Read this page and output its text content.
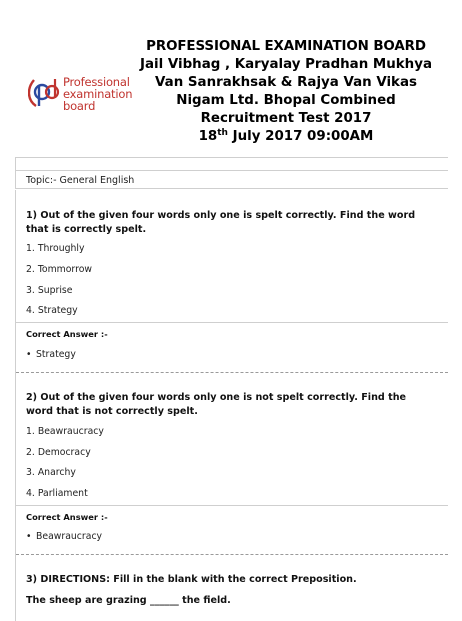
Professional
examination
board
PROFESSIONAL EXAMINATION BOARD
Jail Vibhag , Karyalay Pradhan Mukhya
Van Sanrakhsak & Rajya Van Vikas
Nigam Ltd. Bhopal Combined
Recruitment Test 2017
18th July 2017 09:00AM
Topic:- General English
1) Out of the given four words only one is spelt correctly. Find the word that is correctly spelt.
1. Throughly
2. Tommorrow
3. Suprise
4. Strategy
Correct Answer :-
• Strategy
2) Out of the given four words only one is not spelt correctly. Find the word that is not correctly spelt.
1. Beawraucracy
2. Democracy
3. Anarchy
4. Parliament
Correct Answer :-
• Beawraucracy
3) DIRECTIONS: Fill in the blank with the correct Preposition.
The sheep are grazing ______ the field.
